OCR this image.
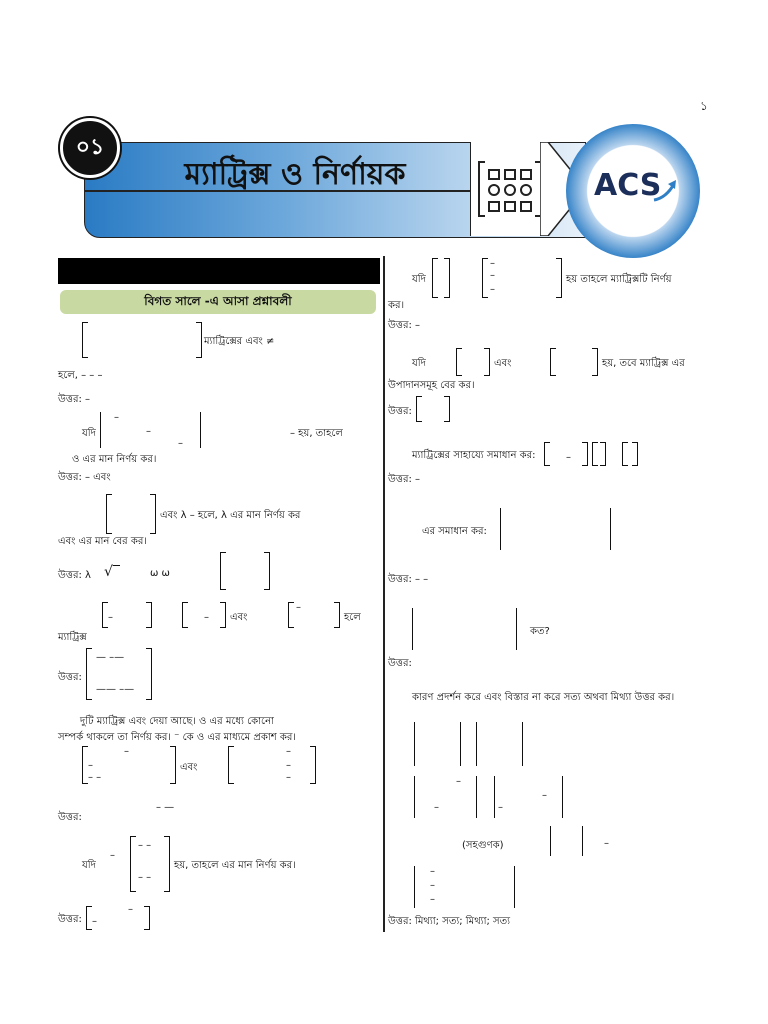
১
ম্যাট্রিক্স ও নির্ণায়ক	ACS
০১
বিগত সালে -এ আসা প্রশ্নাবলী
ম্যাট্রিক্সের এবং ≠
হলে, – – –
উত্তর: –
যদি
–
–
–
– হয়, তাহলে
ও এর মান নির্ণয় কর।
উত্তর: – এবং
এবং λ – হলে, λ এর মান নির্ণয় কর
এবং এর মান বের কর।
উত্তর: λ √‾	ω ω
–	– এবং
–
হলে
ম্যাট্রিক্স
উত্তর:
— –—
—— –—
দুটি ম্যাট্রিক্স এবং দেয়া আছে। ও এর মধ্যে কোনো
সম্পর্ক থাকলে তা নির্ণয় কর। ⁻ কে ও এর মাধ্যমে প্রকাশ কর।
–
–
– –
এবং
–
–
–
উত্তর:
– —
যদি
–
– –
– –
হয়, তাহলে এর মান নির্ণয় কর।
উত্তর: –
–
যদি
–
–
–
হয় তাহলে ম্যাট্রিক্সটি নির্ণয়
কর।
উত্তর: –
যদি	এবং	হয়, তবে ম্যাট্রিক্স এর
উপাদানসমূহ বের কর।
উত্তর:
ম্যাট্রিক্সের সাহায্যে সমাধান কর:	–
উত্তর: –
এর সমাধান কর:
উত্তর: – –
কত?
উত্তর:
কারণ প্রদর্শন করে এবং বিস্তার না করে সত্য অথবা মিথ্যা উত্তর কর।
–
–	–
–
(সহগুণক)	–
–
–
–
উত্তর: মিথ্যা; সত্য; মিথ্যা; সত্য
